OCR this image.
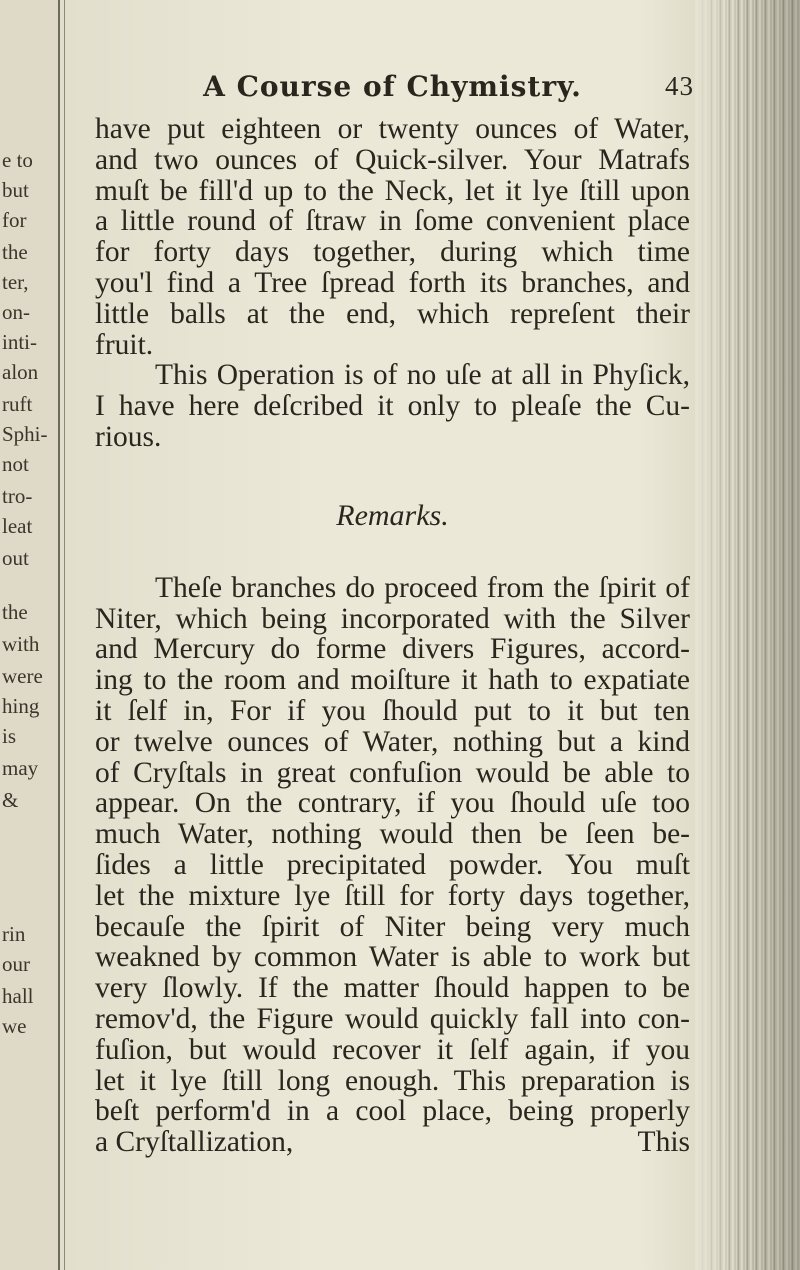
e to
but
for
the
ter,
on-
inti-
alon
ruft
Sphi-
not
tro-
leat
out
the
with
were
hing
is
may
&
rin
our
hall
we
A Course of Chymistry.	43
have put eighteen or twenty ounces of Water,
and two ounces of Quick-silver. Your Matrafs
muſt be fill'd up to the Neck, let it lye ſtill upon
a little round of ſtraw in ſome convenient place
for forty days together, during which time
you'l find a Tree ſpread forth its branches, and
little balls at the end, which repreſent their
fruit.
This Operation is of no uſe at all in Phyſick,
I have here deſcribed it only to pleaſe the Cu-
rious.
Remarks.
Theſe branches do proceed from the ſpirit of
Niter, which being incorporated with the Silver
and Mercury do forme divers Figures, accord-
ing to the room and moiſture it hath to expatiate
it ſelf in, For if you ſhould put to it but ten
or twelve ounces of Water, nothing but a kind
of Cryſtals in great confuſion would be able to
appear. On the contrary, if you ſhould uſe too
much Water, nothing would then be ſeen be-
ſides a little precipitated powder. You muſt
let the mixture lye ſtill for forty days together,
becauſe the ſpirit of Niter being very much
weakned by common Water is able to work but
very ſlowly. If the matter ſhould happen to be
remov'd, the Figure would quickly fall into con-
fuſion, but would recover it ſelf again, if you
let it lye ſtill long enough. This preparation is
beſt perform'd in a cool place, being properly
a Cryſtallization,	This
